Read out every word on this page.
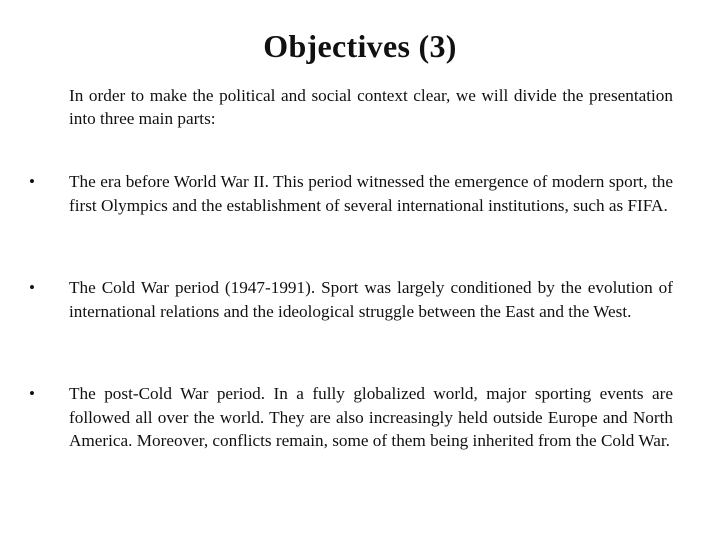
Objectives (3)
In order to make the political and social context clear, we will divide the presentation into three main parts:
• The era before World War II. This period witnessed the emergence of modern sport, the first Olympics and the establishment of several international institutions, such as FIFA.
• The Cold War period (1947-1991). Sport was largely conditioned by the evolution of international relations and the ideological struggle between the East and the West.
• The post-Cold War period. In a fully globalized world, major sporting events are followed all over the world. They are also increasingly held outside Europe and North America. Moreover, conflicts remain, some of them being inherited from the Cold War.
